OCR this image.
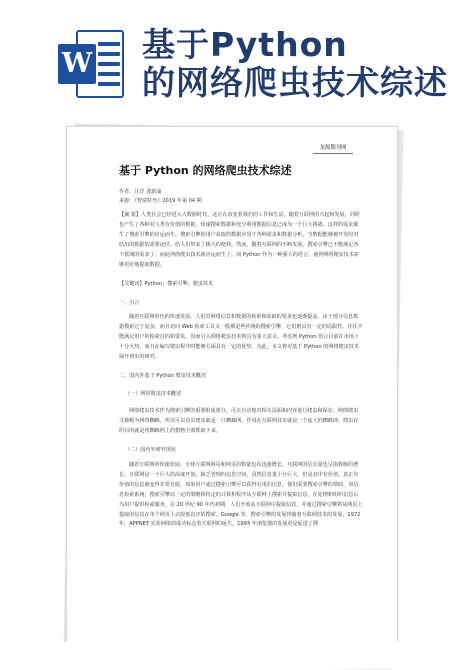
W 基于Python
的网络爬虫技术综述
龙源期刊网
基于 Python 的网络爬虫技术综述
作者：江洋 龚新涌
来源：《智富时代》2019 年第 04 期
【摘 要】人类社会已经进入大数据时代，这正在改变着我们的工作和生活。随着互联网的兴起和发展，同时也产生了各种对人类有价值的数据，快速搜索数据和充分利用数据信息已成为一个巨大挑战。这样的需求催生了搜索引擎的应运而生。搜索引擎的用户获取的数据应用于各种需求和数据分析，当数据能够被开发时对给出的数据的需要途径。给人们带来了极大的便利。然而，随着互联网的不断发展，搜索引擎已不能满足各个领域的需求了，而此网络爬虫技术就应运而生了。而 Python 作为一种强大的语言，使得网络爬虫技术索够更好地提取数据。
【关键词】Python；搜索引擎；爬虫技术
一、引言
随着互联网时代的快速发展，人们对网络信息和数据的检索和获取的要求也逐渐提高。由于部分信息数据模索过于复杂，而且访问 Web 检索工具又一般都是些传统的搜索引擎，它们则具有一定的局限性。往往不能满足用户的检索目的和要求，因而引入网络爬虫技术则具有重大意义。考虑到 Python 语言目前在市场上十分火热，而且在编写爬虫程序时能够方面具有一定的优势。为此，本文将对基于 Python 的网络爬虫技术展开初步的研究。
二、国内外基于 Python 爬虫技术概况
（一）网络爬虫技术概述
网络爬虫技术作为搜索引擎的重要组成部分，可以自动地对相关页面和内容进行爬虫和保存。网络爬虫又被称为网络蜘蛛，所以可以看出爬虫就是一只蜘蛛网。作用在互联网其实就是一个庞大的蜘蛛网。爬虫在的目的就是将蜘蛛网上的猎物全部抓取下来。
（二）国内外研究现状
随着互联网的快速发展，全球互联网网站和网页的数量也在迅速增长，互联网的信息量也呈指数级的增长。互联网是一个巨大的高度开放、缺乏管理的信息空间，虽然信息量十分巨大，但是其中有价值、真正有价值的信息就变得非常有限。如果用户通过搜索引擎可以获得有用的信息，他们需要搜索引擎的帮助，如信息检索系统，搜索引擎以一定的策略和特定的计算机程序从互联网上搜索并提取信息，在处理和组织信息后为用户提供检索服务。在 20 世纪 90 年代初期，人们开始从互联网中提取信息，并通过搜索引擎将从网页上提取的信息在单个网页上以较低次序的搜索。Google 等。搜索引擎的发展伴随着互联网技术的发展。1972 年，APPNET 实验网络的成功标志着互联网的诞生。1993 年浏览器的发展更是促进了搜
